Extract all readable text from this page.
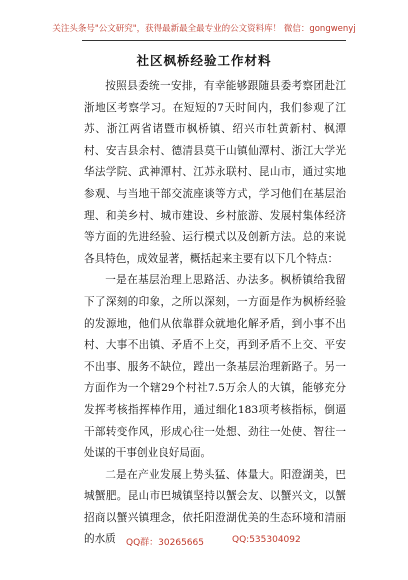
关注头条号"公文研究"，获得最新最全最专业的公文资料库！ 微信：gongwenyj
社区枫桥经验工作材料

按照县委统一安排，有幸能够跟随县委考察团赴江浙地区考察学习。在短短的7天时间内，我们参观了江苏、浙江两省诸暨市枫桥镇、绍兴市牡黄新村、枫潭村、安吉县余村、德清县莫干山镇仙潭村、浙江大学光华法学院、武神潭村、江苏永联村、昆山市，通过实地参观、与当地干部交流座谈等方式，学习他们在基层治理、和美乡村、城市建设、乡村旅游、发展村集体经济等方面的先进经验、运行模式以及创新方法。总的来说各具特色，成效显著，概括起来主要有以下几个特点：

一是在基层治理上思路活、办法多。枫桥镇给我留下了深刻的印象，之所以深刻，一方面是作为枫桥经验的发源地，他们从依靠群众就地化解矛盾，到小事不出村、大事不出镇、矛盾不上交，再到矛盾不上交、平安不出事、服务不缺位，蹚出一条基层治理新路子。另一方面作为一个辖29个村社7.5万余人的大镇，能够充分发挥考核指挥棒作用，通过细化183项考核指标，倒逼干部转变作风，形成心往一处想、劲往一处使、智往一处谋的干事创业良好局面。

二是在产业发展上势头猛、体量大。阳澄湖美，巴城蟹肥。昆山市巴城镇坚持以蟹会友、以蟹兴文，以蟹招商以蟹兴镇理念，依托阳澄湖优美的生态环境和清丽的水质	QQ群：30265665	QQ:535304092
